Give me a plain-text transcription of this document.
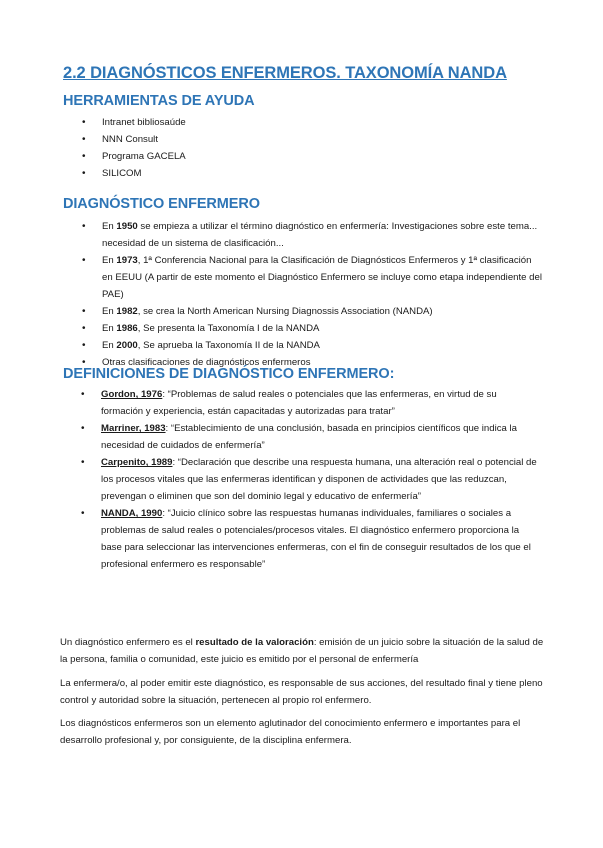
2.2 DIAGNÓSTICOS ENFERMEROS. TAXONOMÍA NANDA
HERRAMIENTAS DE AYUDA
• Intranet bibliosaúde
• NNN Consult
• Programa GACELA
• SILICOM
DIAGNÓSTICO ENFERMERO
• En 1950 se empieza a utilizar el término diagnóstico en enfermería: Investigaciones sobre este tema... necesidad de un sistema de clasificación...
• En 1973, 1ª Conferencia Nacional para la Clasificación de Diagnósticos Enfermeros y 1ª clasificación en EEUU (A partir de este momento el Diagnóstico Enfermero se incluye como etapa independiente del PAE)
• En 1982, se crea la North American Nursing Diagnossis Association (NANDA)
• En 1986, Se presenta la Taxonomía I de la NANDA
• En 2000, Se aprueba la Taxonomía II de la NANDA
• Otras clasificaciones de diagnósticos enfermeros
DEFINICIONES DE DIAGNÓSTICO ENFERMERO:
• Gordon, 1976: “Problemas de salud reales o potenciales que las enfermeras, en virtud de su formación y experiencia, están capacitadas y autorizadas para tratar”
• Marriner, 1983: “Establecimiento de una conclusión, basada en principios científicos que indica la necesidad de cuidados de enfermería”
• Carpenito, 1989: “Declaración que describe una respuesta humana, una alteración real o potencial de los procesos vitales que las enfermeras identifican y disponen de actividades que las reduzcan, prevengan o eliminen que son del dominio legal y educativo de enfermería”
• NANDA, 1990: “Juicio clínico sobre las respuestas humanas individuales, familiares o sociales a problemas de salud reales o potenciales/procesos vitales. El diagnóstico enfermero proporciona la base para seleccionar las intervenciones enfermeras, con el fin de conseguir resultados de los que el profesional enfermero es responsable”

Un diagnóstico enfermero es el resultado de la valoración: emisión de un juicio sobre la situación de la salud de la persona, familia o comunidad, este juicio es emitido por el personal de enfermería

La enfermera/o, al poder emitir este diagnóstico, es responsable de sus acciones, del resultado final y tiene pleno control y autoridad sobre la situación, pertenecen al propio rol enfermero.

Los diagnósticos enfermeros son un elemento aglutinador del conocimiento enfermero e importantes para el desarrollo profesional y, por consiguiente, de la disciplina enfermera.
